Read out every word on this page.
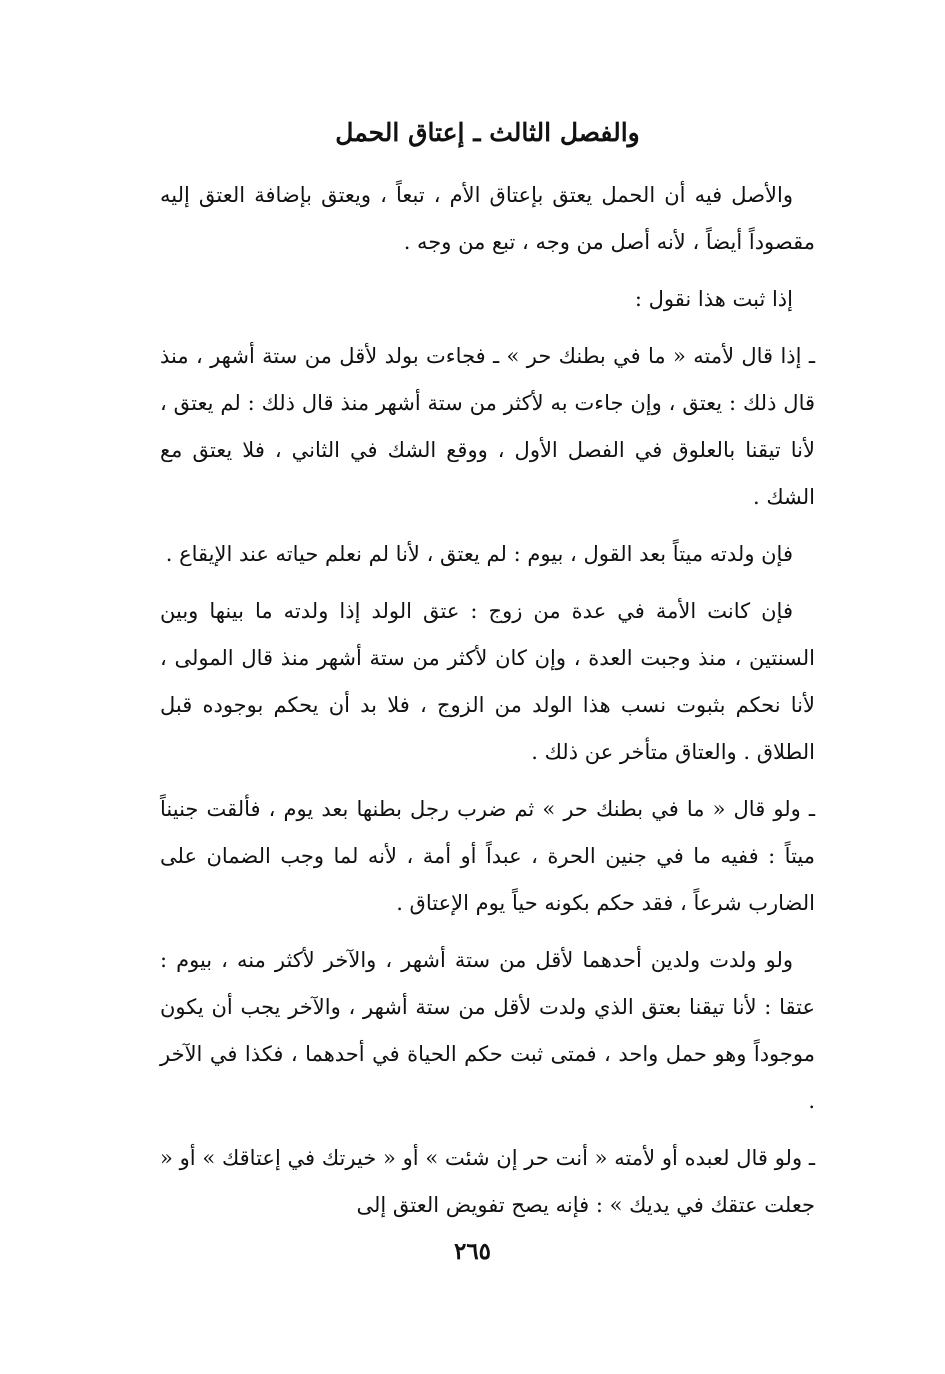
والفصل الثالث ـ إعتاق الحمل

والأصل فيه أن الحمل يعتق بإعتاق الأم ، تبعاً ، ويعتق بإضافة العتق إليه مقصوداً أيضاً ، لأنه أصل من وجه ، تبع من وجه .

إذا ثبت هذا نقول :

ـ إذا قال لأمته « ما في بطنك حر » ـ فجاءت بولد لأقل من ستة أشهر ، منذ قال ذلك : يعتق ، وإن جاءت به لأكثر من ستة أشهر منذ قال ذلك : لم يعتق ، لأنا تيقنا بالعلوق في الفصل الأول ، ووقع الشك في الثاني ، فلا يعتق مع الشك .

فإن ولدته ميتاً بعد القول ، بيوم : لم يعتق ، لأنا لم نعلم حياته عند الإيقاع .

فإن كانت الأمة في عدة من زوج : عتق الولد إذا ولدته ما بينها وبين السنتين ، منذ وجبت العدة ، وإن كان لأكثر من ستة أشهر منذ قال المولى ، لأنا نحكم بثبوت نسب هذا الولد من الزوج ، فلا بد أن يحكم بوجوده قبل الطلاق . والعتاق متأخر عن ذلك .

ـ ولو قال « ما في بطنك حر » ثم ضرب رجل بطنها بعد يوم ، فألقت جنيناً ميتاً : ففيه ما في جنين الحرة ، عبداً أو أمة ، لأنه لما وجب الضمان على الضارب شرعاً ، فقد حكم بكونه حياً يوم الإعتاق .

ولو ولدت ولدين أحدهما لأقل من ستة أشهر ، والآخر لأكثر منه ، بيوم : عتقا : لأنا تيقنا بعتق الذي ولدت لأقل من ستة أشهر ، والآخر يجب أن يكون موجوداً وهو حمل واحد ، فمتى ثبت حكم الحياة في أحدهما ، فكذا في الآخر .

ـ ولو قال لعبده أو لأمته « أنت حر إن شئت » أو « خيرتك في إعتاقك » أو « جعلت عتقك في يديك » : فإنه يصح تفويض العتق إلى

٢٦٥
